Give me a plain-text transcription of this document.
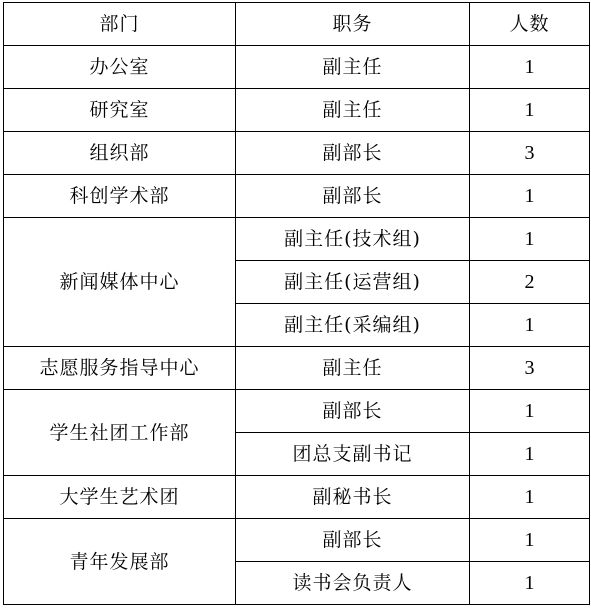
部门	职务	人数
办公室	副主任	1
研究室	副主任	1
组织部	副部长	3
科创学术部	副部长	1
新闻媒体中心	副主任(技术组)	1
	副主任(运营组)	2
	副主任(采编组)	1
志愿服务指导中心	副主任	3
学生社团工作部	副部长	1
	团总支副书记	1
大学生艺术团	副秘书长	1
青年发展部	副部长	1
	读书会负责人	1
